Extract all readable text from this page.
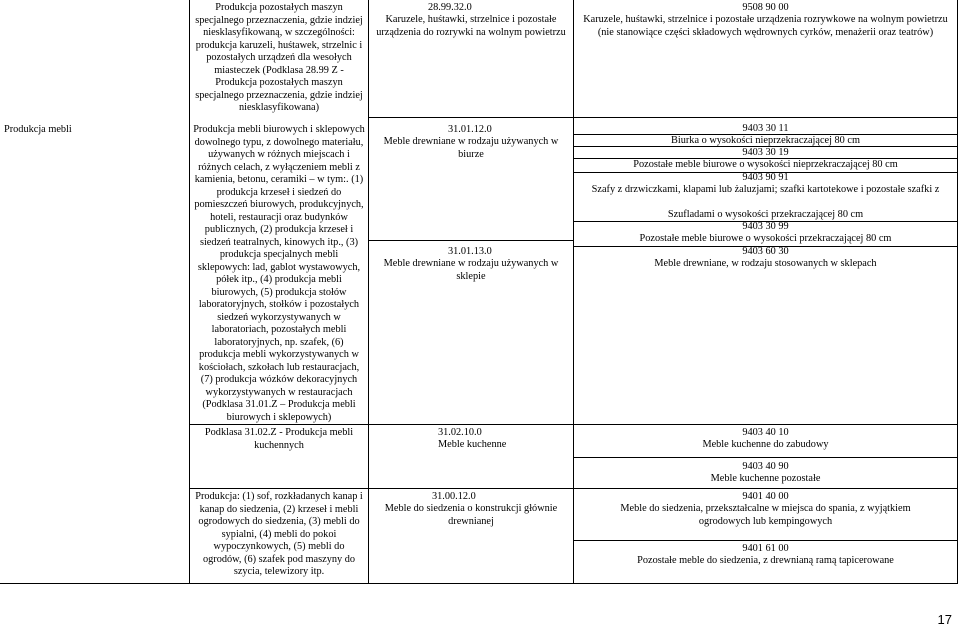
Produkcja mebli
Produkcja pozostałych maszyn specjalnego przeznaczenia, gdzie indziej niesklasyfikowaną, w szczególności: produkcja karuzeli, huśtawek, strzelnic i pozostałych urządzeń dla wesołych miasteczek (Podklasa 28.99 Z - Produkcja pozostałych maszyn specjalnego przeznaczenia, gdzie indziej niesklasyfikowana)
Produkcja mebli biurowych i sklepowych dowolnego typu, z dowolnego materiału, używanych w różnych miejscach i różnych celach, z wyłączeniem mebli z kamienia, betonu, ceramiki – w tym:. (1) produkcja krzeseł i siedzeń do pomieszczeń biurowych, produkcyjnych, hoteli, restauracji oraz budynków publicznych, (2) produkcja krzeseł i siedzeń teatralnych, kinowych itp., (3) produkcja specjalnych mebli sklepowych: lad, gablot wystawowych, półek itp., (4) produkcja mebli biurowych, (5) produkcja stołów laboratoryjnych, stołków i pozostałych siedzeń wykorzystywanych w laboratoriach, pozostałych mebli laboratoryjnych, np. szafek, (6) produkcja mebli wykorzystywanych w kościołach, szkołach lub restauracjach, (7) produkcja wózków dekoracyjnych wykorzystywanych w restauracjach (Podklasa 31.01.Z – Produkcja mebli biurowych i sklepowych)
Podklasa 31.02.Z - Produkcja mebli kuchennych
Produkcja: (1) sof, rozkładanych kanap i kanap do siedzenia, (2) krzeseł i mebli ogrodowych do siedzenia, (3) mebli do sypialni, (4) mebli do pokoi wypoczynkowych, (5) mebli do ogrodów, (6) szafek pod maszyny do szycia, telewizory itp.
28.99.32.0
Karuzele, huśtawki, strzelnice i pozostałe urządzenia do rozrywki na wolnym powietrzu
31.01.12.0
Meble drewniane w rodzaju używanych w biurze
31.01.13.0
Meble drewniane w rodzaju używanych w sklepie
31.02.10.0
Meble kuchenne
31.00.12.0
Meble do siedzenia o konstrukcji głównie drewnianej
9508 90 00
Karuzele, huśtawki, strzelnice i pozostałe urządzenia rozrywkowe na wolnym powietrzu (nie stanowiące części składowych wędrownych cyrków, menażerii oraz teatrów)
9403 30 11
Biurka o wysokości nieprzekraczającej 80 cm
9403 30 19
Pozostałe meble biurowe o wysokości nieprzekraczającej 80 cm
9403 90 91
Szafy z drzwiczkami, klapami lub żaluzjami; szafki kartotekowe i pozostałe szafki z
Szufladami o wysokości przekraczającej 80 cm
9403 30 99
Pozostałe meble biurowe o wysokości przekraczającej 80 cm
9403 60 30
Meble drewniane, w rodzaju stosowanych w sklepach
9403 40 10
Meble kuchenne do zabudowy
9403 40 90
Meble kuchenne pozostałe
9401 40 00
Meble do siedzenia, przekształcalne w miejsca do spania, z wyjątkiem ogrodowych lub kempingowych
9401 61 00
Pozostałe meble do siedzenia, z drewnianą ramą tapicerowane
17
